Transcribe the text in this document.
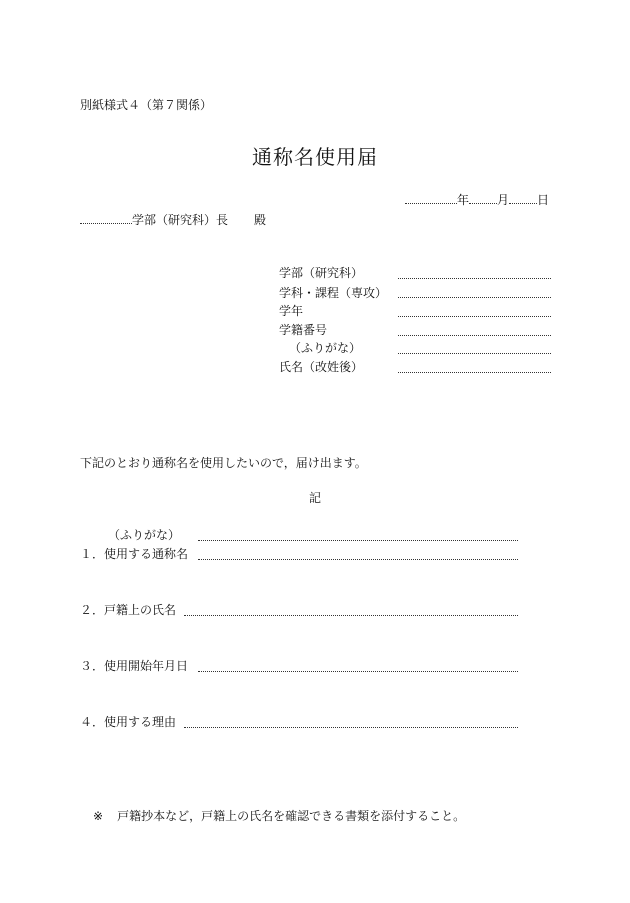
別紙様式４（第７関係）
通称名使用届
年 月 日
学部（研究科）長 殿
学部（研究科）
学科・課程（専攻）
学年
学籍番号
（ふりがな）
氏名（改姓後）
下記のとおり通称名を使用したいので，届け出ます。
記
（ふりがな）
１．使用する通称名
２．戸籍上の氏名
３．使用開始年月日
４．使用する理由
※ 戸籍抄本など，戸籍上の氏名を確認できる書類を添付すること。
